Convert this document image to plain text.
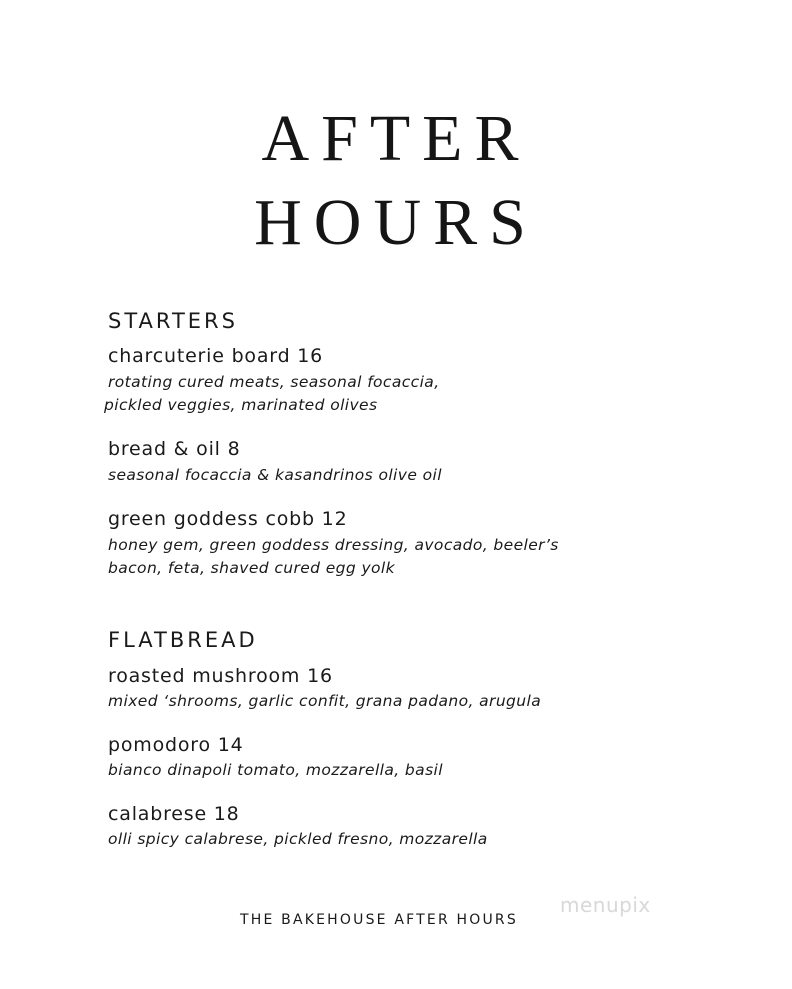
AFTER
HOURS
STARTERS
charcuterie board 16
rotating cured meats, seasonal focaccia,
pickled veggies, marinated olives
bread & oil 8
seasonal focaccia & kasandrinos olive oil
green goddess cobb 12
honey gem, green goddess dressing, avocado, beeler’s
bacon, feta, shaved cured egg yolk
FLATBREAD
roasted mushroom 16
mixed ‘shrooms, garlic confit, grana padano, arugula
pomodoro 14
bianco dinapoli tomato, mozzarella, basil
calabrese 18
olli spicy calabrese, pickled fresno, mozzarella
THE BAKEHOUSE AFTER HOURS
menupix
